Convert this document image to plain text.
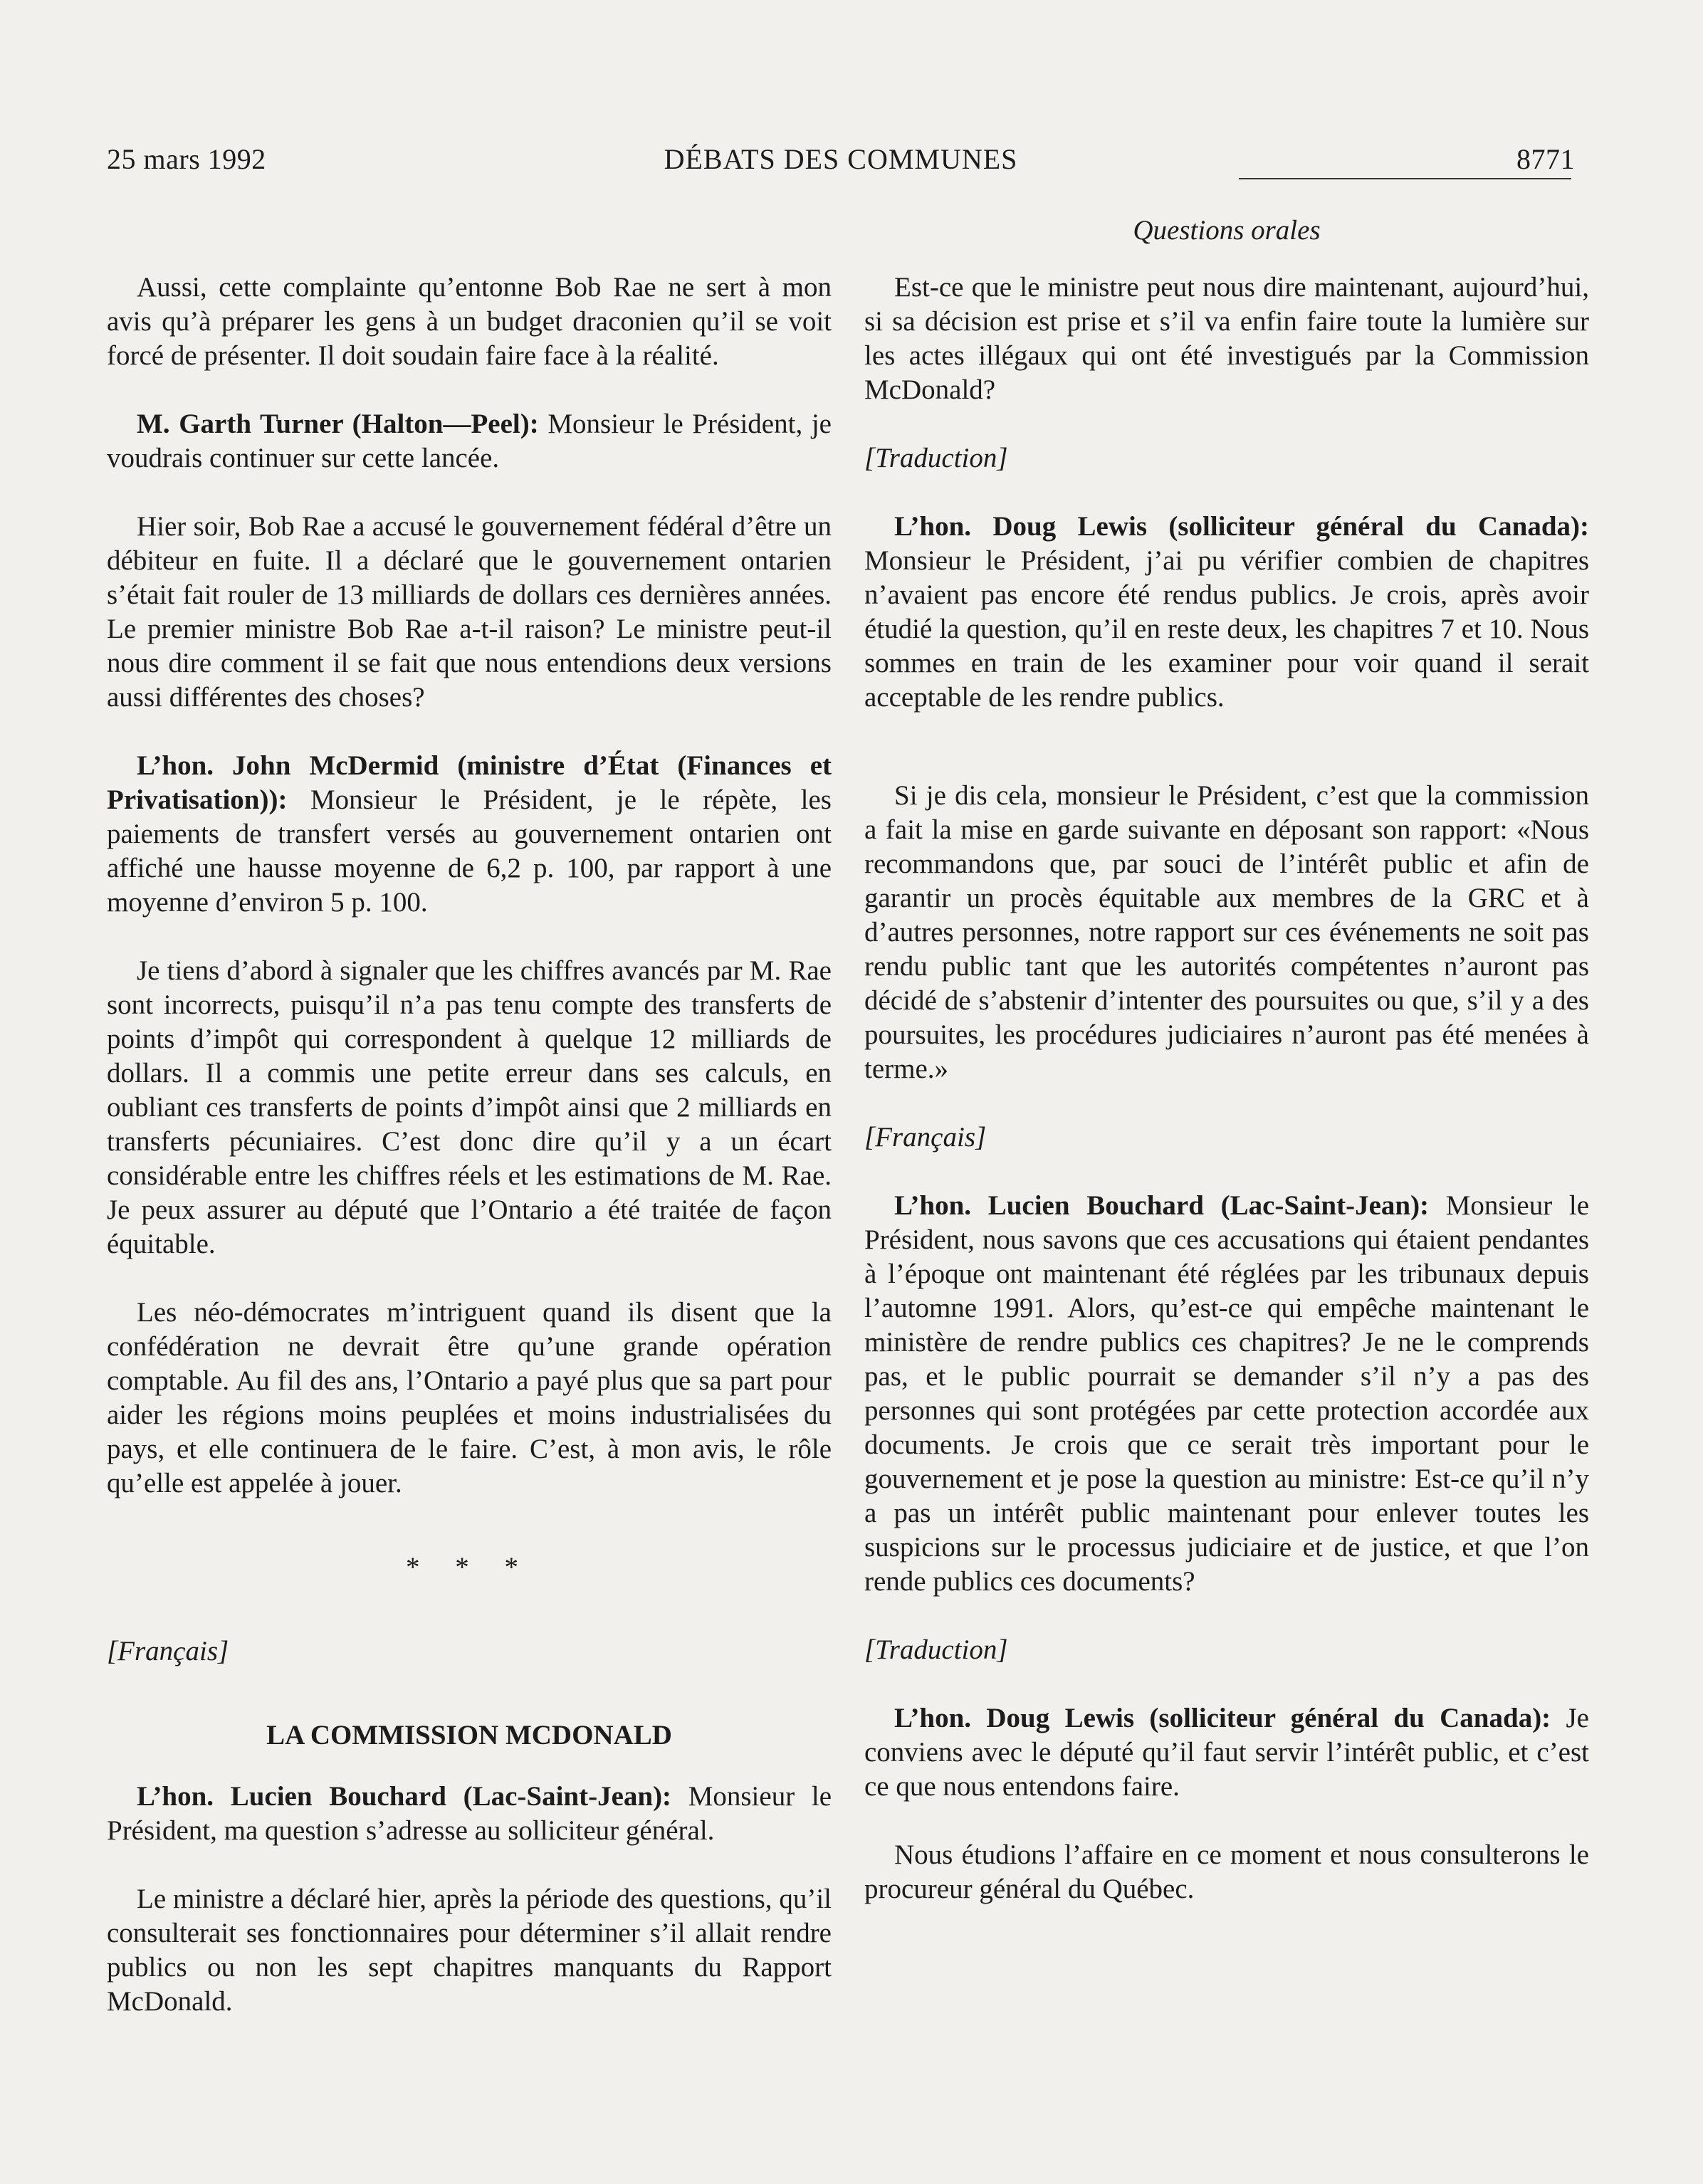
25 mars 1992	DÉBATS DES COMMUNES	8771

Aussi, cette complainte qu’entonne Bob Rae ne sert à mon avis qu’à préparer les gens à un budget draconien qu’il se voit forcé de présenter. Il doit soudain faire face à la réalité.

M. Garth Turner (Halton—Peel): Monsieur le Président, je voudrais continuer sur cette lancée.

Hier soir, Bob Rae a accusé le gouvernement fédéral d’être un débiteur en fuite. Il a déclaré que le gouvernement ontarien s’était fait rouler de 13 milliards de dollars ces dernières années. Le premier ministre Bob Rae a-t-il raison? Le ministre peut-il nous dire comment il se fait que nous entendions deux versions aussi différentes des choses?

L’hon. John McDermid (ministre d’État (Finances et Privatisation)): Monsieur le Président, je le répète, les paiements de transfert versés au gouvernement ontarien ont affiché une hausse moyenne de 6,2 p. 100, par rapport à une moyenne d’environ 5 p. 100.

Je tiens d’abord à signaler que les chiffres avancés par M. Rae sont incorrects, puisqu’il n’a pas tenu compte des transferts de points d’impôt qui correspondent à quelque 12 milliards de dollars. Il a commis une petite erreur dans ses calculs, en oubliant ces transferts de points d’impôt ainsi que 2 milliards en transferts pécuniaires. C’est donc dire qu’il y a un écart considérable entre les chiffres réels et les estimations de M. Rae. Je peux assurer au député que l’Ontario a été traitée de façon équitable.

Les néo-démocrates m’intriguent quand ils disent que la confédération ne devrait être qu’une grande opération comptable. Au fil des ans, l’Ontario a payé plus que sa part pour aider les régions moins peuplées et moins industrialisées du pays, et elle continuera de le faire. C’est, à mon avis, le rôle qu’elle est appelée à jouer.

* * *

[Français]

LA COMMISSION MCDONALD

L’hon. Lucien Bouchard (Lac-Saint-Jean): Monsieur le Président, ma question s’adresse au solliciteur général.

Le ministre a déclaré hier, après la période des questions, qu’il consulterait ses fonctionnaires pour déterminer s’il allait rendre publics ou non les sept chapitres manquants du Rapport McDonald.

Questions orales

Est-ce que le ministre peut nous dire maintenant, aujourd’hui, si sa décision est prise et s’il va enfin faire toute la lumière sur les actes illégaux qui ont été investigués par la Commission McDonald?

[Traduction]

L’hon. Doug Lewis (solliciteur général du Canada): Monsieur le Président, j’ai pu vérifier combien de chapitres n’avaient pas encore été rendus publics. Je crois, après avoir étudié la question, qu’il en reste deux, les chapitres 7 et 10. Nous sommes en train de les examiner pour voir quand il serait acceptable de les rendre publics.

Si je dis cela, monsieur le Président, c’est que la commission a fait la mise en garde suivante en déposant son rapport: «Nous recommandons que, par souci de l’intérêt public et afin de garantir un procès équitable aux membres de la GRC et à d’autres personnes, notre rapport sur ces événements ne soit pas rendu public tant que les autorités compétentes n’auront pas décidé de s’abstenir d’intenter des poursuites ou que, s’il y a des poursuites, les procédures judiciaires n’auront pas été menées à terme.»

[Français]

L’hon. Lucien Bouchard (Lac-Saint-Jean): Monsieur le Président, nous savons que ces accusations qui étaient pendantes à l’époque ont maintenant été réglées par les tribunaux depuis l’automne 1991. Alors, qu’est-ce qui empêche maintenant le ministère de rendre publics ces chapitres? Je ne le comprends pas, et le public pourrait se demander s’il n’y a pas des personnes qui sont protégées par cette protection accordée aux documents. Je crois que ce serait très important pour le gouvernement et je pose la question au ministre: Est-ce qu’il n’y a pas un intérêt public maintenant pour enlever toutes les suspicions sur le processus judiciaire et de justice, et que l’on rende publics ces documents?

[Traduction]

L’hon. Doug Lewis (solliciteur général du Canada): Je conviens avec le député qu’il faut servir l’intérêt public, et c’est ce que nous entendons faire.

Nous étudions l’affaire en ce moment et nous consulterons le procureur général du Québec.
